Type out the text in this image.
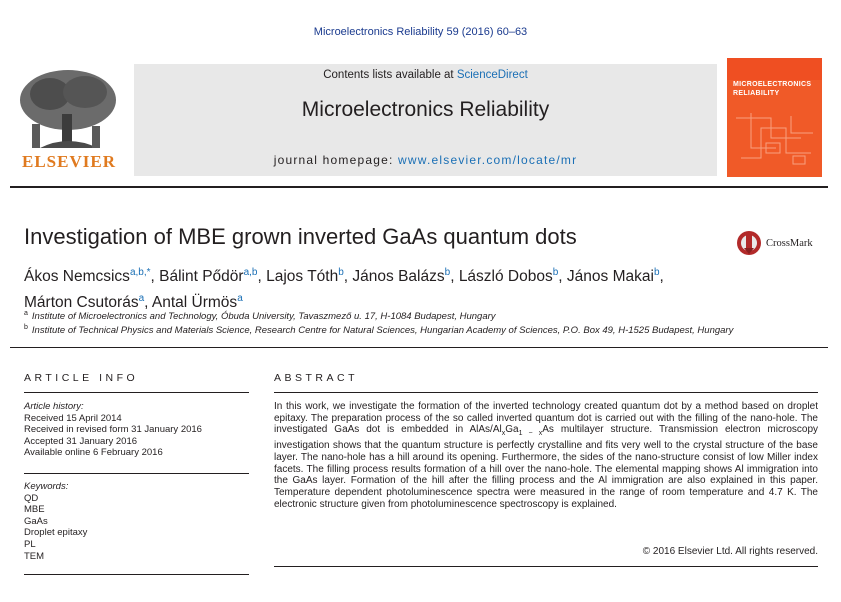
Microelectronics Reliability 59 (2016) 60–63
ELSEVIER
Contents lists available at ScienceDirect
Microelectronics Reliability
journal homepage: www.elsevier.com/locate/mr
MICROELECTRONICS
RELIABILITY
Investigation of MBE grown inverted GaAs quantum dots	CrossMark
Ákos Nemcsics$^{a,b,*}$, Bálint Pődör$^{a,b}$, Lajos Tóth$^b$, János Balázs$^b$, László Dobos$^b$, János Makai$^b$,
Márton Csutorás$^a$, Antal Ürmös$^a$
$^a$ Institute of Microelectronics and Technology, Óbuda University, Tavaszmező u. 17, H-1084 Budapest, Hungary
$^b$ Institute of Technical Physics and Materials Science, Research Centre for Natural Sciences, Hungarian Academy of Sciences, P.O. Box 49, H-1525 Budapest, Hungary
ARTICLE INFO
Article history:
Received 15 April 2014
Received in revised form 31 January 2016
Accepted 31 January 2016
Available online 6 February 2016
Keywords:
QD
MBE
GaAs
Droplet epitaxy
PL
TEM
ABSTRACT
In this work, we investigate the formation of the inverted technology created quantum dot by a method based on droplet epitaxy. The preparation process of the so called inverted quantum dot is carried out with the filling of the nano-hole. The investigated GaAs dot is embedded in AlAs/$Al_xGa_{1 - x}As$ multilayer structure. Transmission electron microscopy investigation shows that the quantum structure is perfectly crystalline and fits very well to the crystal structure of the base layer. The nano-hole has a hill around its opening. Furthermore, the sides of the nano-structure consist of low Miller index facets. The filling process results formation of a hill over the nano-hole. The elemental mapping shows Al immigration into the GaAs layer. Formation of the hill after the filling process and the Al immigration are also explained in this paper. Temperature dependent photoluminescence spectra were measured in the range of room temperature and 4.7 K. The electronic structure given from photoluminescence spectroscopy is explained.
© 2016 Elsevier Ltd. All rights reserved.
